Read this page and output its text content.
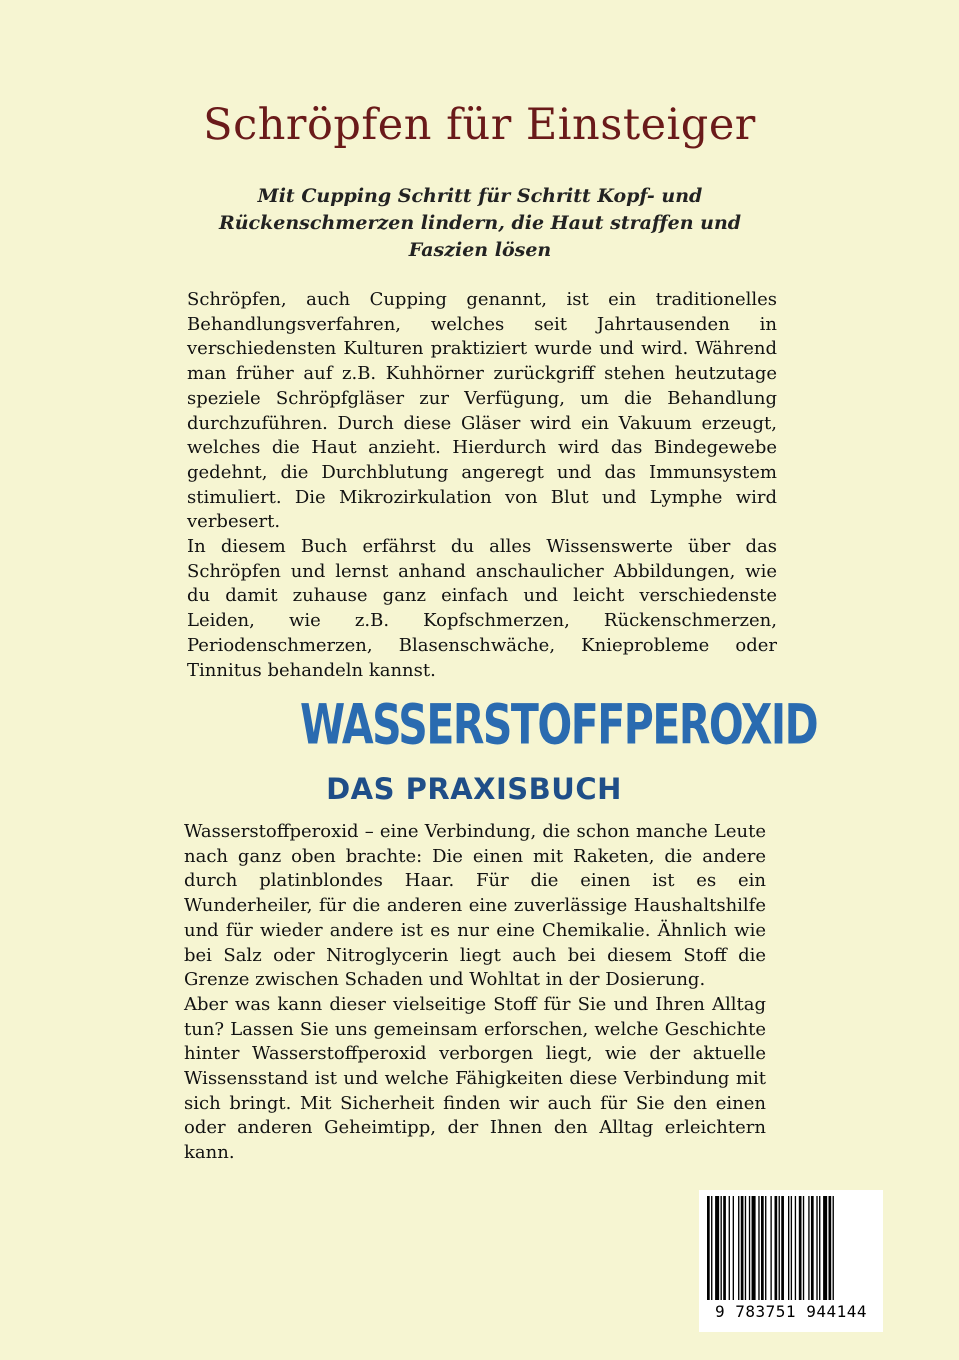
Schröpfen für Einsteiger

Mit Cupping Schritt für Schritt Kopf- und Rückenschmerzen lindern, die Haut straffen und Faszien lösen

Schröpfen, auch Cupping genannt, ist ein traditionelles Behandlungsverfahren, welches seit Jahrtausenden in verschiedensten Kulturen praktiziert wurde und wird. Während man früher auf z.B. Kuhhörner zurückgriff stehen heutzutage speziele Schröpfgläser zur Verfügung, um die Behandlung durchzuführen. Durch diese Gläser wird ein Vakuum erzeugt, welches die Haut anzieht. Hierdurch wird das Bindegewebe gedehnt, die Durchblutung angeregt und das Immunsystem stimuliert. Die Mikrozirkulation von Blut und Lymphe wird verbesert.

In diesem Buch erfährst du alles Wissenswerte über das Schröpfen und lernst anhand anschaulicher Abbildungen, wie du damit zuhause ganz einfach und leicht verschiedenste Leiden, wie z.B. Kopfschmerzen, Rückenschmerzen, Periodenschmerzen, Blasenschwäche, Knieprobleme oder Tinnitus behandeln kannst.

WASSERSTOFFPEROXID
DAS PRAXISBUCH

Wasserstoffperoxid – eine Verbindung, die schon manche Leute nach ganz oben brachte: Die einen mit Raketen, die andere durch platinblondes Haar. Für die einen ist es ein Wunderheiler, für die anderen eine zuverlässige Haushaltshilfe und für wieder andere ist es nur eine Chemikalie. Ähnlich wie bei Salz oder Nitroglycerin liegt auch bei diesem Stoff die Grenze zwischen Schaden und Wohltat in der Dosierung.

Aber was kann dieser vielseitige Stoff für Sie und Ihren Alltag tun? Lassen Sie uns gemeinsam erforschen, welche Geschichte hinter Wasserstoffperoxid verborgen liegt, wie der aktuelle Wissensstand ist und welche Fähigkeiten diese Verbindung mit sich bringt. Mit Sicherheit finden wir auch für Sie den einen oder anderen Geheimtipp, der Ihnen den Alltag erleichtern kann.

9 783751 944144
